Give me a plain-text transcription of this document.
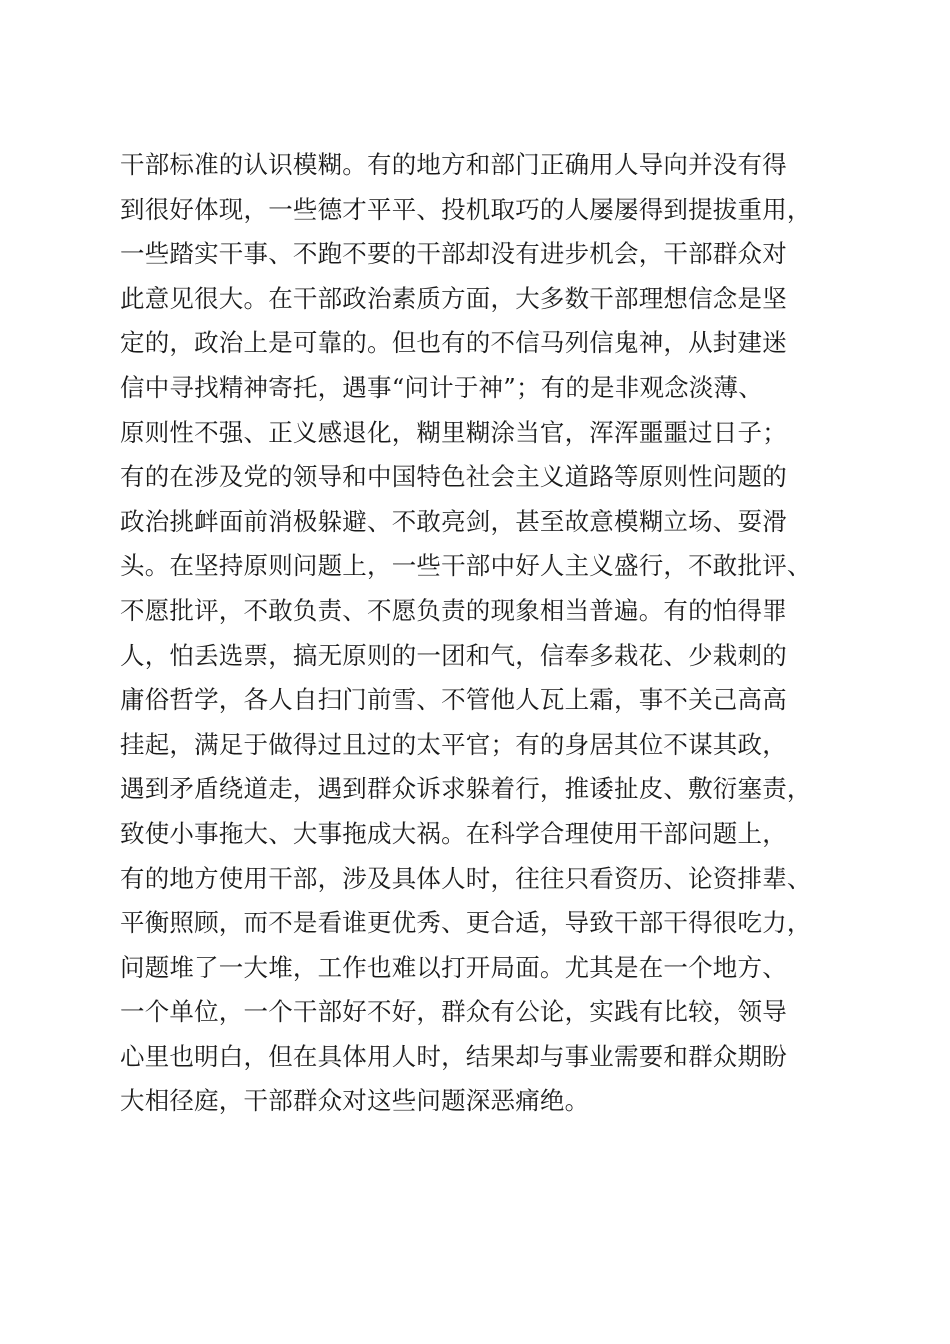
干部标准的认识模糊。有的地方和部门正确用人导向并没有得
到很好体现，一些德才平平、投机取巧的人屡屡得到提拔重用，
一些踏实干事、不跑不要的干部却没有进步机会，干部群众对
此意见很大。在干部政治素质方面，大多数干部理想信念是坚
定的，政治上是可靠的。但也有的不信马列信鬼神，从封建迷
信中寻找精神寄托，遇事“问计于神”；有的是非观念淡薄、
原则性不强、正义感退化，糊里糊涂当官，浑浑噩噩过日子；
有的在涉及党的领导和中国特色社会主义道路等原则性问题的
政治挑衅面前消极躲避、不敢亮剑，甚至故意模糊立场、耍滑
头。在坚持原则问题上，一些干部中好人主义盛行，不敢批评、
不愿批评，不敢负责、不愿负责的现象相当普遍。有的怕得罪
人，怕丢选票，搞无原则的一团和气，信奉多栽花、少栽刺的
庸俗哲学，各人自扫门前雪、不管他人瓦上霜，事不关己高高
挂起，满足于做得过且过的太平官；有的身居其位不谋其政，
遇到矛盾绕道走，遇到群众诉求躲着行，推诿扯皮、敷衍塞责，
致使小事拖大、大事拖成大祸。在科学合理使用干部问题上，
有的地方使用干部，涉及具体人时，往往只看资历、论资排辈、
平衡照顾，而不是看谁更优秀、更合适，导致干部干得很吃力，
问题堆了一大堆，工作也难以打开局面。尤其是在一个地方、
一个单位，一个干部好不好，群众有公论，实践有比较，领导
心里也明白，但在具体用人时，结果却与事业需要和群众期盼
大相径庭，干部群众对这些问题深恶痛绝。
